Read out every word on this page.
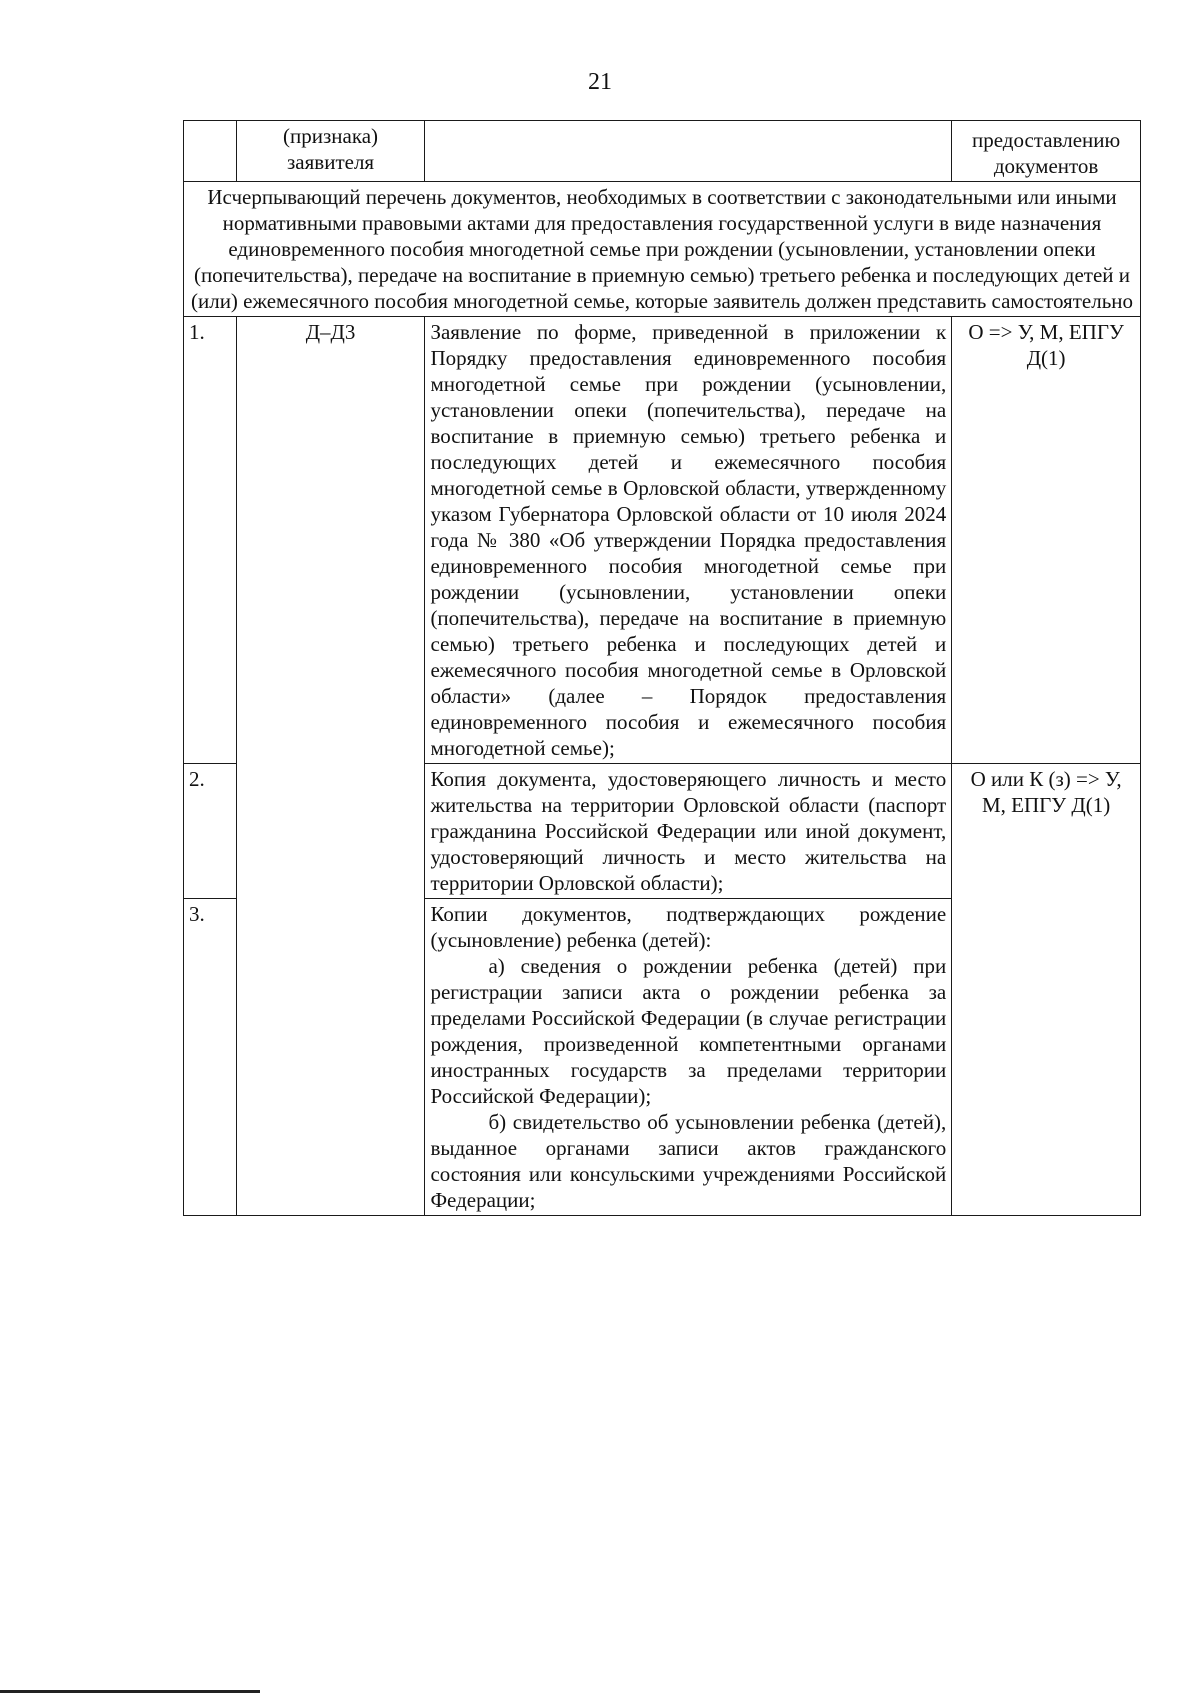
21

	(признака) заявителя		предоставлению
документов

Исчерпывающий перечень документов, необходимых в соответствии с законодательными или иными нормативными правовыми актами для предоставления государственной услуги в виде назначения единовременного пособия многодетной семье при рождении (усыновлении, установлении опеки (попечительства), передаче на воспитание в приемную семью) третьего ребенка и последующих детей и (или) ежемесячного пособия многодетной семье, которые заявитель должен представить самостоятельно			
1.	Д–Д3	Заявление по форме, приведенной в приложении к Порядку предоставления единовременного пособия многодетной семье при рождении (усыновлении, установлении опеки (попечительства), передаче на воспитание в приемную семью) третьего ребенка и последующих детей и ежемесячного пособия многодетной семье в Орловской области, утвержденному указом Губернатора Орловской области от 10 июля 2024 года № 380 «Об утверждении Порядка предоставления единовременного пособия многодетной семье при рождении (усыновлении, установлении опеки (попечительства), передаче на воспитание в приемную семью) третьего ребенка и последующих детей и ежемесячного пособия многодетной семье в Орловской области» (далее – Порядок предоставления единовременного пособия и ежемесячного пособия многодетной семье);	О => У, М, ЕПГУ Д(1)
2.		Копия документа, удостоверяющего личность и место жительства на территории Орловской области (паспорт гражданина Российской Федерации или иной документ, удостоверяющий личность и место жительства на территории Орловской области);	О или К (з) => У, М, ЕПГУ Д(1)
3.		Копии документов, подтверждающих рождение (усыновление) ребенка (детей):
а) сведения о рождении ребенка (детей) при регистрации записи акта о рождении ребенка за пределами Российской Федерации (в случае регистрации рождения, произведенной компетентными органами иностранных государств за пределами территории Российской Федерации);
б) свидетельство об усыновлении ребенка (детей), выданное органами записи актов гражданского состояния или консульскими учреждениями Российской Федерации;	
